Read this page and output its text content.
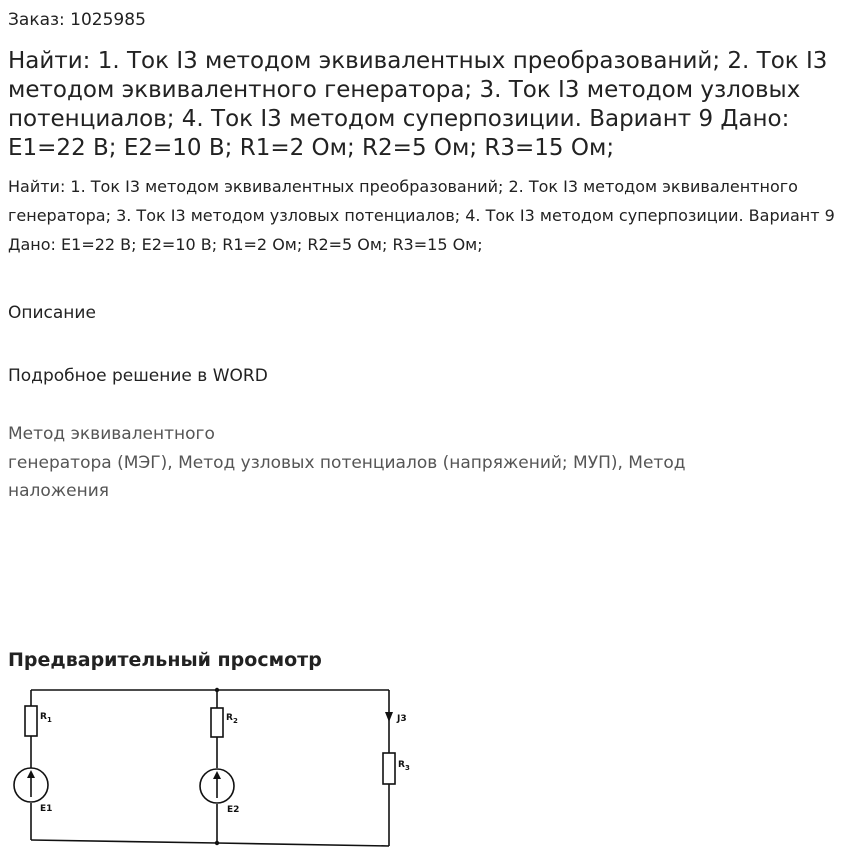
Заказ: 1025985
Найти: 1. Ток I3 методом эквивалентных преобразований; 2. Ток I3 методом эквивалентного генератора; 3. Ток I3 методом узловых потенциалов; 4. Ток I3 методом суперпозиции. Вариант 9 Дано: E1=22 В; E2=10 В; R1=2 Ом; R2=5 Ом; R3=15 Ом;
Найти: 1. Ток I3 методом эквивалентных преобразований; 2. Ток I3 методом эквивалентного генератора; 3. Ток I3 методом узловых потенциалов; 4. Ток I3 методом суперпозиции. Вариант 9 Дано: E1=22 В; E2=10 В; R1=2 Ом; R2=5 Ом; R3=15 Ом;
Описание
Подробное решение в WORD
Метод эквивалентного
генератора (МЭГ), Метод узловых потенциалов (напряжений; МУП), Метод
наложения
Предварительный просмотр
$R_1$	$R_2$
$R_3$
E1	E2
J3
